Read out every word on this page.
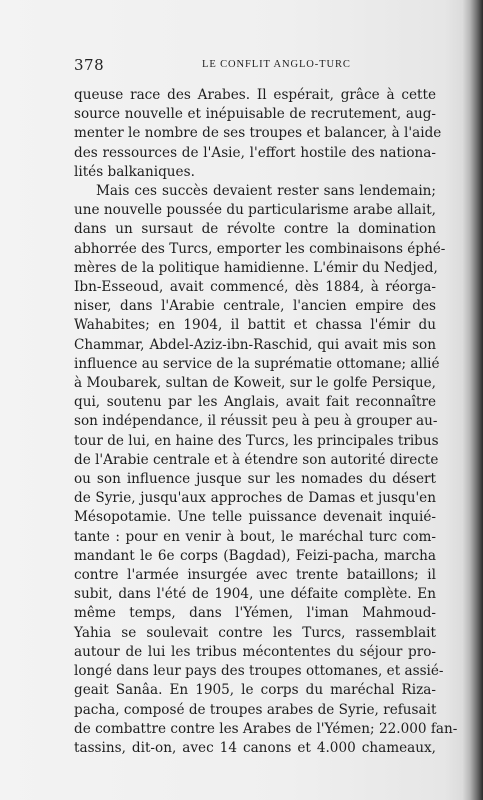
378	LE CONFLIT ANGLO-TURC
queuse race des Arabes. Il espérait, grâce à cette
source nouvelle et inépuisable de recrutement, aug-
menter le nombre de ses troupes et balancer, à l'aide
des ressources de l'Asie, l'effort hostile des nationa-
lités balkaniques.
Mais ces succès devaient rester sans lendemain;
une nouvelle poussée du particularisme arabe allait,
dans un sursaut de révolte contre la domination
abhorrée des Turcs, emporter les combinaisons éphé-
mères de la politique hamidienne. L'émir du Nedjed,
Ibn-Esseoud, avait commencé, dès 1884, à réorga-
niser, dans l'Arabie centrale, l'ancien empire des
Wahabites; en 1904, il battit et chassa l'émir du
Chammar, Abdel-Aziz-ibn-Raschid, qui avait mis son
influence au service de la suprématie ottomane; allié
à Moubarek, sultan de Koweit, sur le golfe Persique,
qui, soutenu par les Anglais, avait fait reconnaître
son indépendance, il réussit peu à peu à grouper au-
tour de lui, en haine des Turcs, les principales tribus
de l'Arabie centrale et à étendre son autorité directe
ou son influence jusque sur les nomades du désert
de Syrie, jusqu'aux approches de Damas et jusqu'en
Mésopotamie. Une telle puissance devenait inquié-
tante : pour en venir à bout, le maréchal turc com-
mandant le 6e corps (Bagdad), Feizi-pacha, marcha
contre l'armée insurgée avec trente bataillons; il
subit, dans l'été de 1904, une défaite complète. En
même temps, dans l'Yémen, l'iman Mahmoud-
Yahia se soulevait contre les Turcs, rassemblait
autour de lui les tribus mécontentes du séjour pro-
longé dans leur pays des troupes ottomanes, et assié-
geait Sanâa. En 1905, le corps du maréchal Riza-
pacha, composé de troupes arabes de Syrie, refusait
de combattre contre les Arabes de l'Yémen; 22.000 fan-
tassins, dit-on, avec 14 canons et 4.000 chameaux,
